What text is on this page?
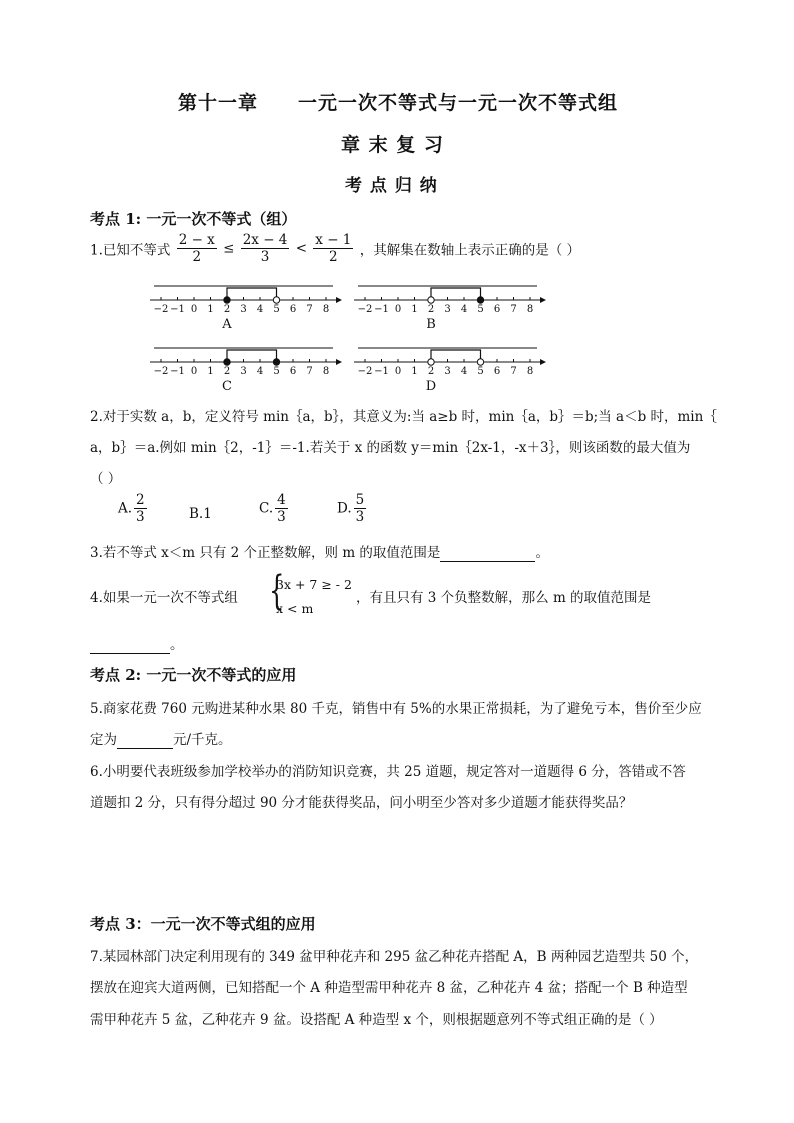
第十一章 一元一次不等式与一元一次不等式组
章 末 复 习
考 点 归 纳
考点 1: 一元一次不等式（组）
1.已知不等式 $\frac{2 - x}{2} \le \frac{2x - 4}{3} < \frac{x - 1}{2}$ ，其解集在数轴上表示正确的是（ ）
−2 −1 0 1 2 3 4 5 6 7 8
A
−2 −1 0 1 2 3 4 5 6 7 8
B
−2 −1 0 1 2 3 4 5 6 7 8
C
−2 −1 0 1 2 3 4 5 6 7 8
D
2.对于实数 a，b，定义符号 min｛a，b｝，其意义为:当 a≥b 时，min｛a，b｝＝b;当 a＜b 时，min｛
a，b｝＝a.例如 min｛2，-1｝＝-1.若关于 x 的函数 y＝min｛2x-1，-x＋3｝，则该函数的最大值为
（ ）
A. $\frac{2}{3}$	B.1	C. $\frac{4}{3}$	D. $\frac{5}{3}$
3.若不等式 x＜m 只有 2 个正整数解，则 m 的取值范围是	。
4.如果一元一次不等式组 {
3x + 7 ≥ - 2
x < m
，有且只有 3 个负整数解，那么 m 的取值范围是
。
考点 2: 一元一次不等式的应用
5.商家花费 760 元购进某种水果 80 千克，销售中有 5%的水果正常损耗，为了避免亏本，售价至少应
定为	元/千克。
6.小明要代表班级参加学校举办的消防知识竞赛，共 25 道题，规定答对一道题得 6 分，答错或不答
道题扣 2 分，只有得分超过 90 分才能获得奖品，问小明至少答对多少道题才能获得奖品？
考点 3：一元一次不等式组的应用
7.某园林部门决定利用现有的 349 盆甲种花卉和 295 盆乙种花卉搭配 A，B 两种园艺造型共 50 个，
摆放在迎宾大道两侧，已知搭配一个 A 种造型需甲种花卉 8 盆，乙种花卉 4 盆；搭配一个 B 种造型
需甲种花卉 5 盆，乙种花卉 9 盆。设搭配 A 种造型 x 个，则根据题意列不等式组正确的是（ ）
